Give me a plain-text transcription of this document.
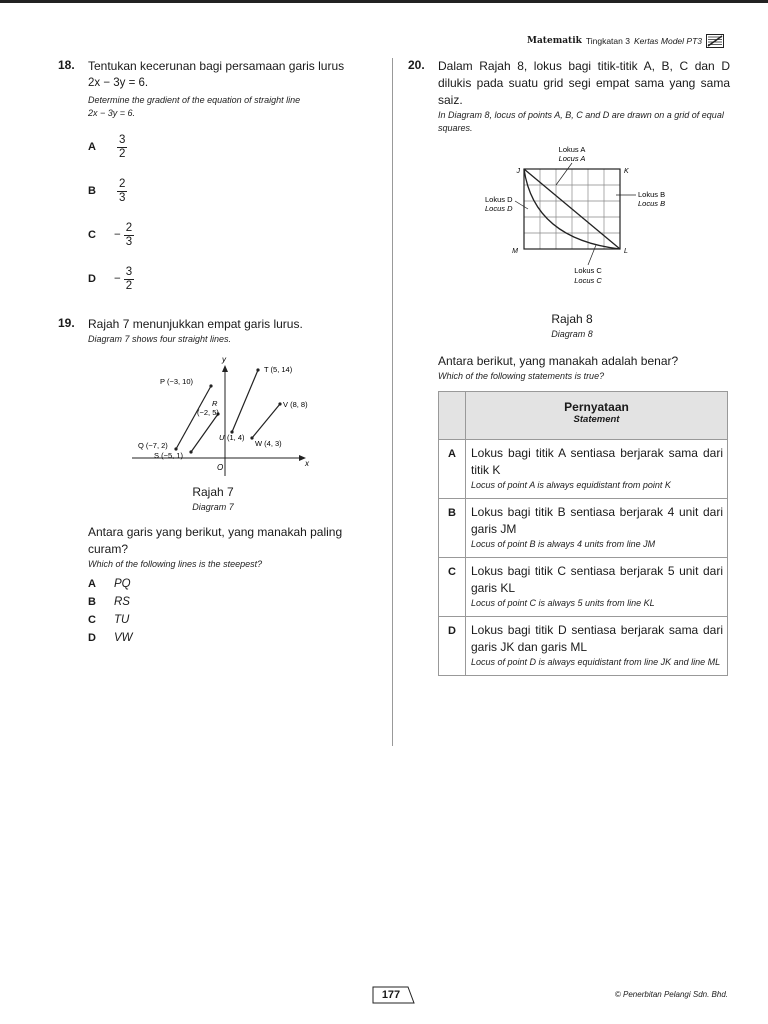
Matematik Tingkatan 3 Kertas Model PT3
18. Tentukan kecerunan bagi persamaan garis lurus
2x − 3y = 6.
Determine the gradient of the equation of straight line
2x − 3y = 6.
A	$\frac{3}{2}$
B	$\frac{2}{3}$
C	− $\frac{2}{3}$
D	− $\frac{3}{2}$
19. Rajah 7 menunjukkan empat garis lurus.
Diagram 7 shows four straight lines.
x
y
O
P (−3, 10)
Q (−7, 2)
R
(−2, 5)
S (−5, 1)
T (5, 14)
U (1, 4)
V (8, 8)
W (4, 3)
Rajah 7
Diagram 7
Antara garis yang berikut, yang manakah paling curam?
Which of the following lines is the steepest?
A	PQ
B	RS
C	TU
D	VW
20. Dalam Rajah 8, lokus bagi titik-titik A, B, C dan D dilukis pada suatu grid segi empat sama yang sama saiz.
In Diagram 8, locus of points A, B, C and D are drawn on a grid of equal squares.
J	K
L
M
Lokus A
Locus A
Lokus B
Locus B
Lokus D
Locus D
Lokus C
Locus C
Rajah 8
Diagram 8
Antara berikut, yang manakah adalah benar?
Which of the following statements is true?

	Pernyataan
Statement

A	Lokus bagi titik A sentiasa berjarak sama dari titik K
Locus of point A is always equidistant from point K

B	Lokus bagi titik B sentiasa berjarak 4 unit dari garis JM
Locus of point B is always 4 units from line JM

C	Lokus bagi titik C sentiasa berjarak 5 unit dari garis KL
Locus of point C is always 5 units from line KL

D	Lokus bagi titik D sentiasa berjarak sama dari garis JK dan garis ML
Locus of point D is always equidistant from line JK and line ML
177	© Penerbitan Pelangi Sdn. Bhd.
